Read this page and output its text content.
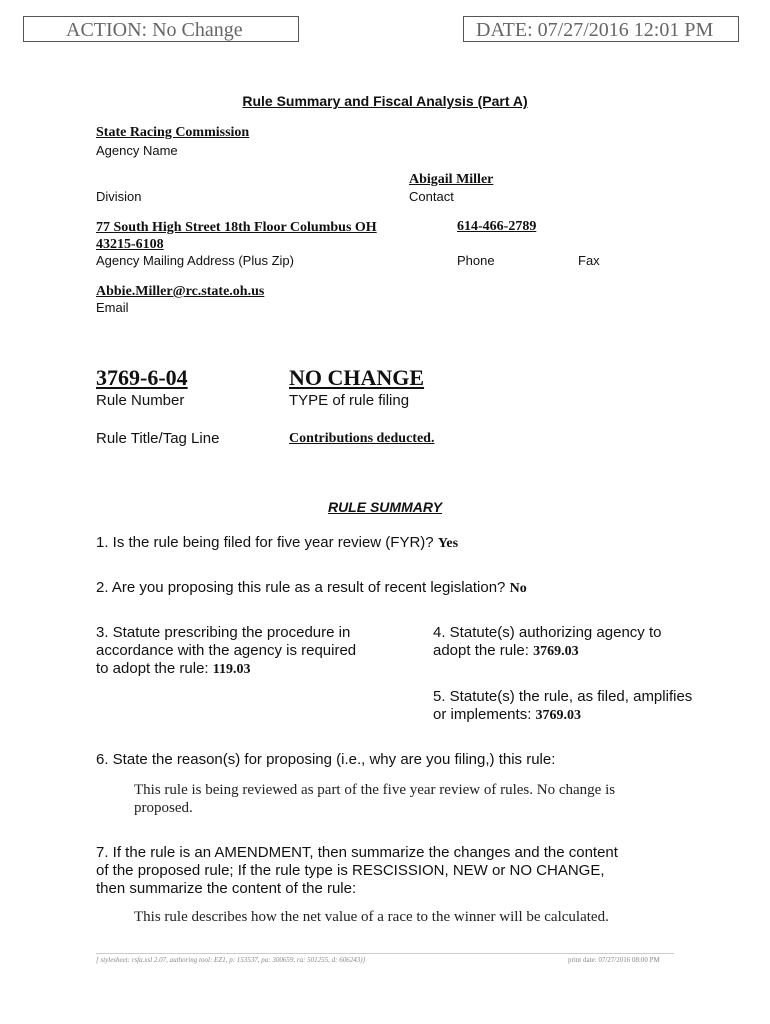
ACTION: No Change	DATE: 07/27/2016 12:01 PM
Rule Summary and Fiscal Analysis (Part A)
State Racing Commission
Agency Name
Abigail Miller
Division	Contact
77 South High Street 18th Floor Columbus OH
43215-6108
614-466-2789
Agency Mailing Address (Plus Zip)	Phone	Fax
Abbie.Miller@rc.state.oh.us
Email
3769-6-04	NO CHANGE
Rule Number	TYPE of rule filing
Rule Title/Tag Line	Contributions deducted.
RULE SUMMARY
1. Is the rule being filed for five year review (FYR)? Yes
2. Are you proposing this rule as a result of recent legislation? No
3. Statute prescribing the procedure in
accordance with the agency is required
to adopt the rule: 119.03
4. Statute(s) authorizing agency to
adopt the rule: 3769.03
5. Statute(s) the rule, as filed, amplifies
or implements: 3769.03
6. State the reason(s) for proposing (i.e., why are you filing,) this rule:
This rule is being reviewed as part of the five year review of rules. No change is
proposed.
7. If the rule is an AMENDMENT, then summarize the changes and the content
of the proposed rule; If the rule type is RESCISSION, NEW or NO CHANGE,
then summarize the content of the rule:
This rule describes how the net value of a race to the winner will be calculated.
[ stylesheet: rsfa.xsl 2.07, authoring tool: EZ1, p: 153537, pa: 300659, ra: 501255, d: 606243)]	print date: 07/27/2016 08:00 PM
